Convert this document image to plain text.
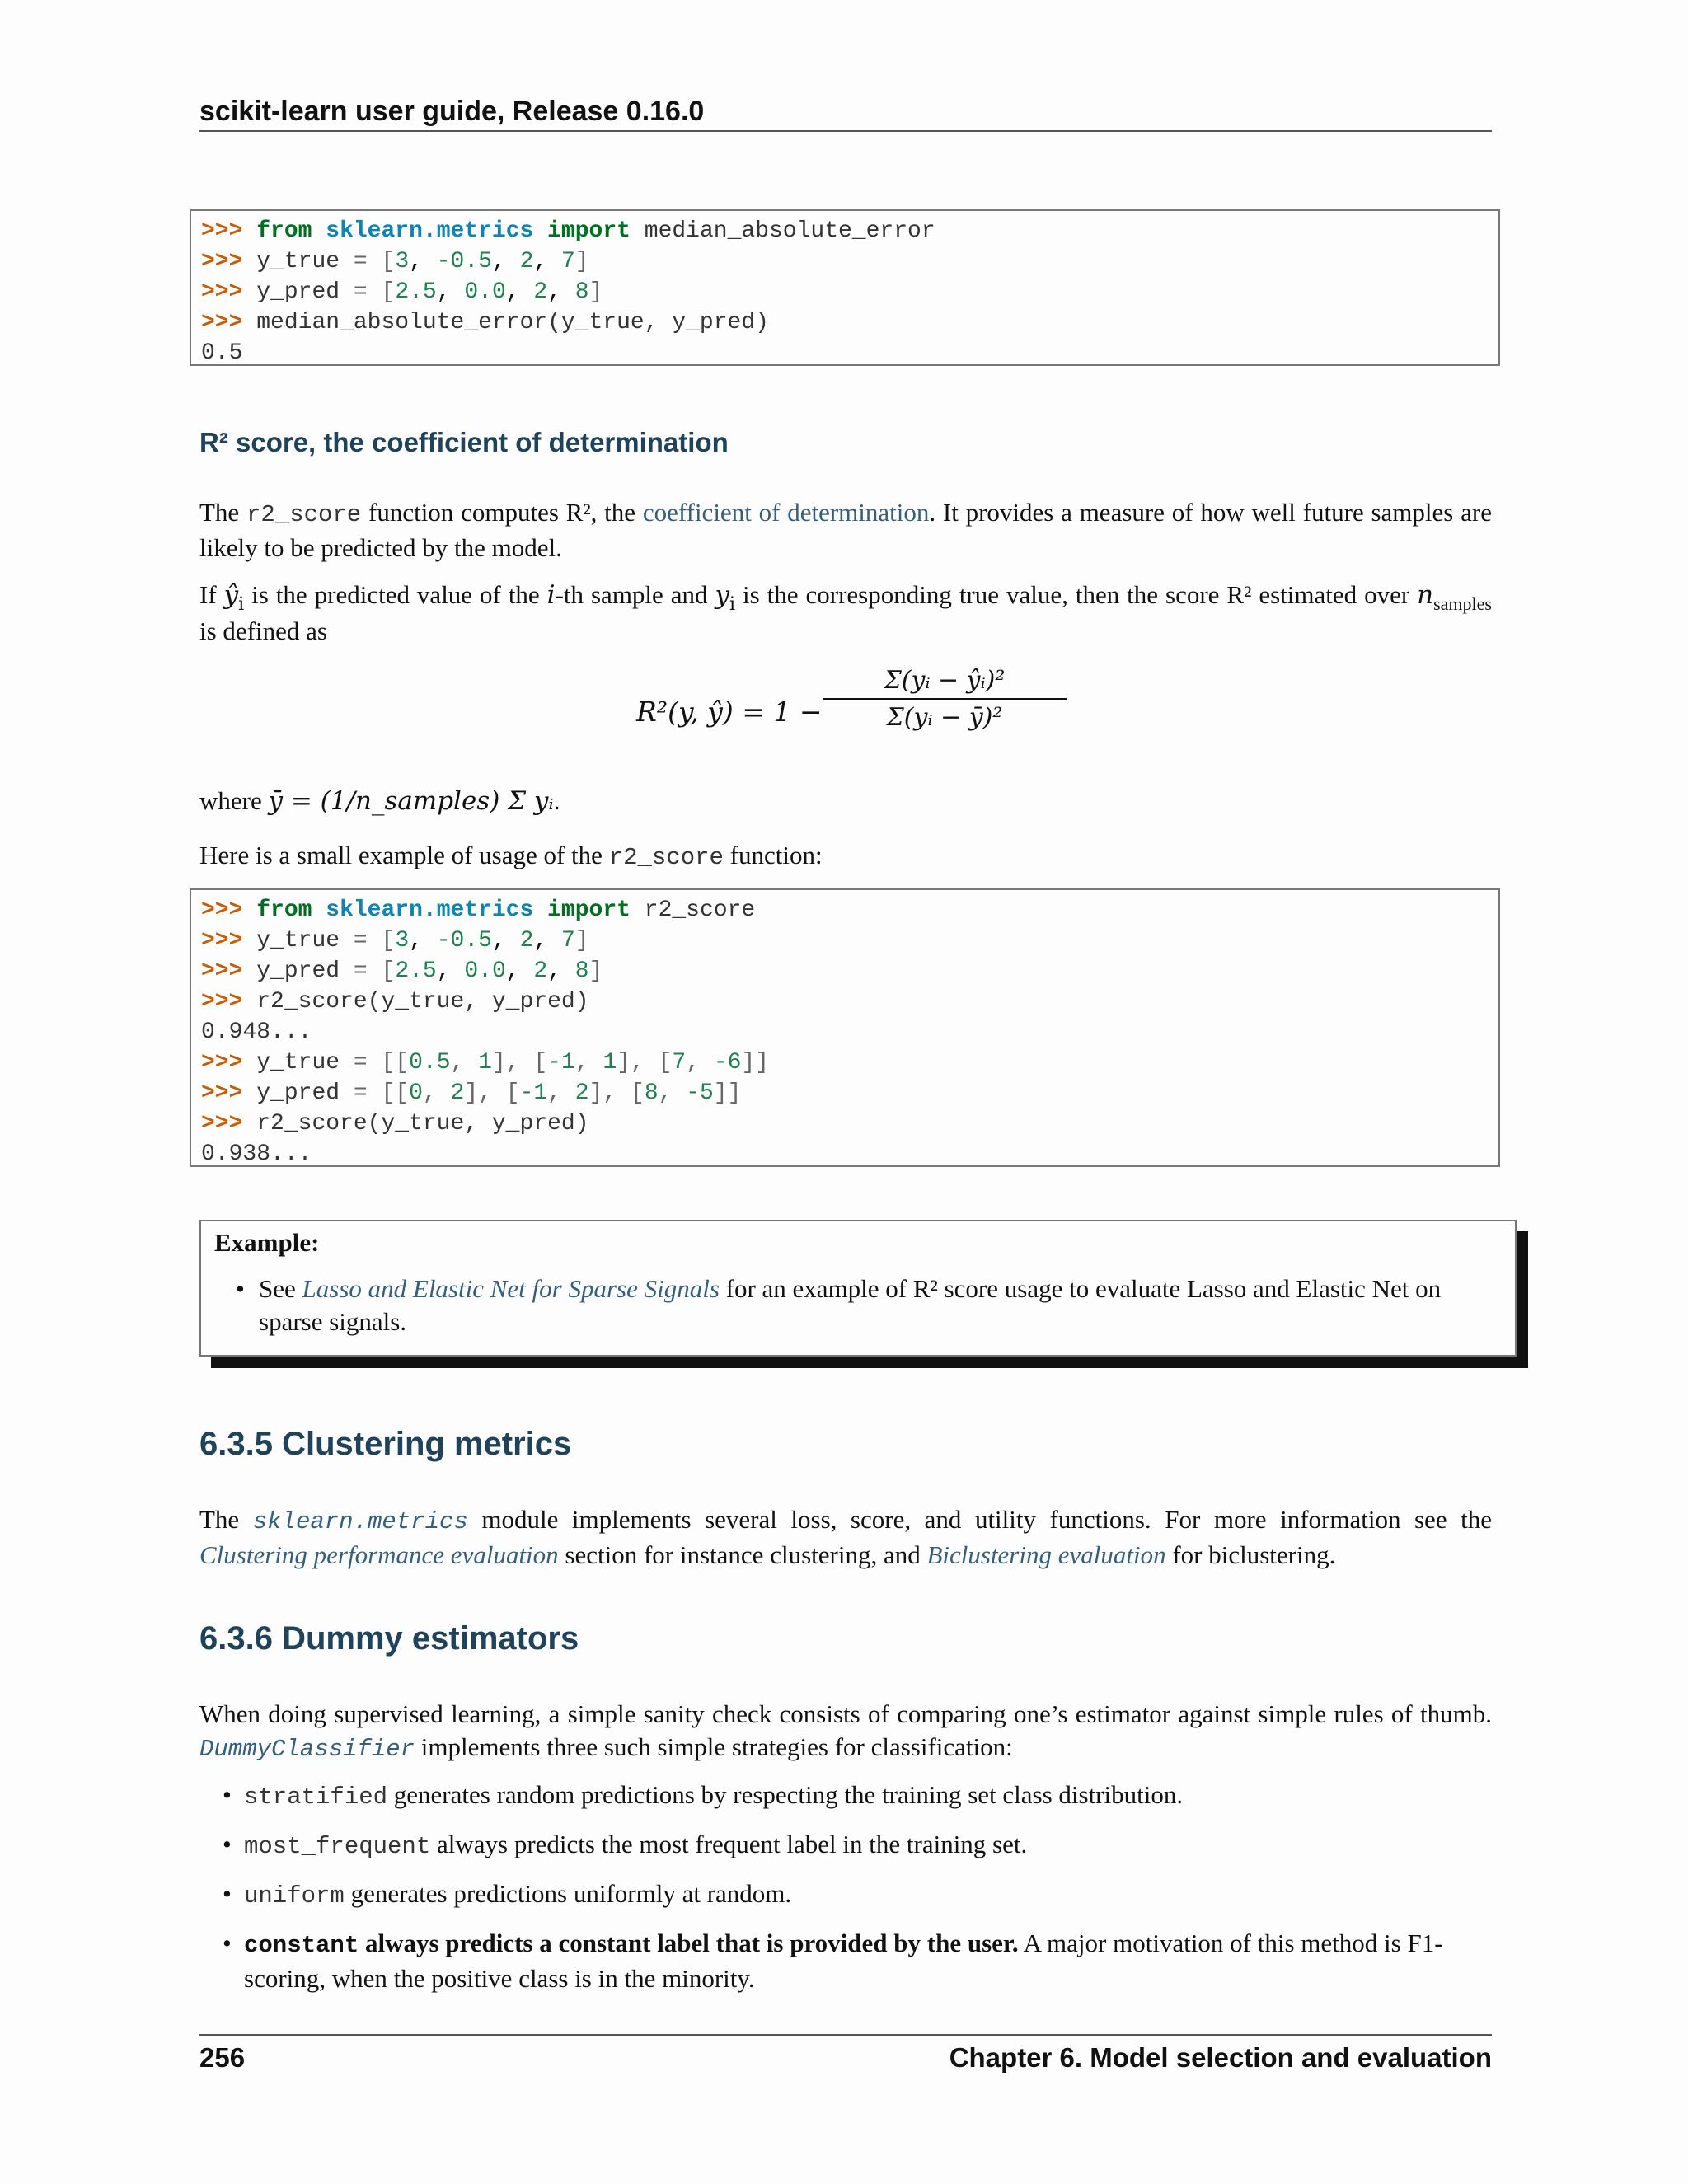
scikit-learn user guide, Release 0.16.0
>>> from sklearn.metrics import median_absolute_error
>>> y_true = [3, -0.5, 2, 7]
>>> y_pred = [2.5, 0.0, 2, 8]
>>> median_absolute_error(y_true, y_pred)
0.5
R² score, the coefficient of determination
The r2_score function computes R², the coefficient of determination. It provides a measure of how well future samples are likely to be predicted by the model.
If $ŷ_i$ is the predicted value of the i-th sample and $y_i$ is the corresponding true value, then the score R² estimated over $n_{samples}$ is defined as
R²(y, ŷ) = 1 −
Σ(yᵢ − ŷᵢ)²
Σ(yᵢ − ȳ)²
where ȳ = (1/n_samples) Σ yᵢ.
Here is a small example of usage of the r2_score function:
>>> from sklearn.metrics import r2_score
>>> y_true = [3, -0.5, 2, 7]
>>> y_pred = [2.5, 0.0, 2, 8]
>>> r2_score(y_true, y_pred)
0.948...
>>> y_true = [[0.5, 1], [-1, 1], [7, -6]]
>>> y_pred = [[0, 2], [-1, 2], [8, -5]]
>>> r2_score(y_true, y_pred)
0.938...
Example:
• See Lasso and Elastic Net for Sparse Signals for an example of R² score usage to evaluate Lasso and Elastic Net on sparse signals.
6.3.5 Clustering metrics
The sklearn.metrics module implements several loss, score, and utility functions. For more information see the Clustering performance evaluation section for instance clustering, and Biclustering evaluation for biclustering.
6.3.6 Dummy estimators
When doing supervised learning, a simple sanity check consists of comparing one’s estimator against simple rules of thumb. DummyClassifier implements three such simple strategies for classification:
• stratified generates random predictions by respecting the training set class distribution.
• most_frequent always predicts the most frequent label in the training set.
• uniform generates predictions uniformly at random.
• constant always predicts a constant label that is provided by the user. A major motivation of this method is F1-scoring, when the positive class is in the minority.
256	Chapter 6. Model selection and evaluation
